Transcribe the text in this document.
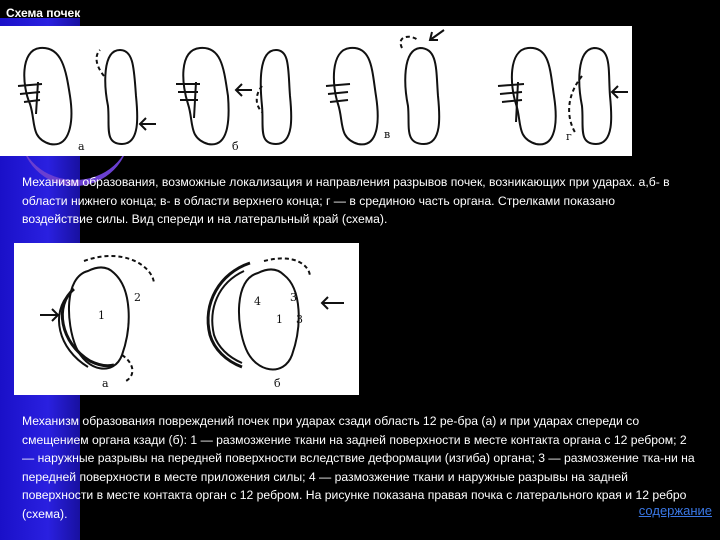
Схема почек
а	б
в	г

Механизм образования, возможные локализация и направления разрывов почек, возникающих при ударах. а,б- в области нижнего конца; в- в области верхнего конца; г — в срединою часть органа. Стрелками показано воздействие силы. Вид спереди и на латеральный край (схема).

1
2	3
4
1 3
а	б

Механизм образования повреждений почек при ударах сзади область 12 ре-бра (а) и при ударах спереди со смещением органа кзади (б): 1 — размозжение ткани на задней поверхности в месте контакта органа с 12 ребром; 2 — наружные разрывы на передней поверхности вследствие деформации (изгиба) органа; 3 — размозжение тка-ни на передней поверхности в месте приложения силы; 4 — размозжение ткани и наружные разрывы на задней поверхности в месте контакта орган с 12 ребром. На рисунке показана правая почка с латерального края и 12 ребро (схема).	содержание
